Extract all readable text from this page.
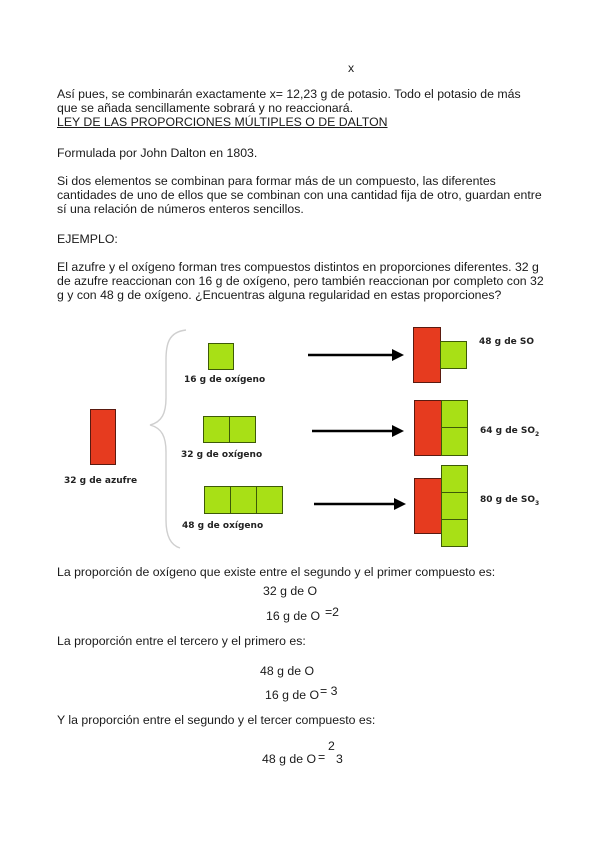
x
Así pues, se combinarán exactamente x= 12,23 g de potasio. Todo el potasio de más
que se añada sencillamente sobrará y no reaccionará.
LEY DE LAS PROPORCIONES MÚLTIPLES O DE DALTON
Formulada por John Dalton en 1803.
Si dos elementos se combinan para formar más de un compuesto, las diferentes
cantidades de uno de ellos que se combinan con una cantidad fija de otro, guardan entre
sí una relación de números enteros sencillos.
EJEMPLO:
El azufre y el oxígeno forman tres compuestos distintos en proporciones diferentes. 32 g
de azufre reaccionan con 16 g de oxígeno, pero también reaccionan por completo con 32
g y con 48 g de oxígeno. ¿Encuentras alguna regularidad en estas proporciones?
32 g de azufre
16 g de oxígeno
32 g de oxígeno
48 g de oxígeno
48 g de SO
64 g de $SO_2$
80 g de $SO_3$
La proporción de oxígeno que existe entre el segundo y el primer compuesto es:
32 g de O
16 g de O =2
La proporción entre el tercero y el primero es:
48 g de O
16 g de O = 3
Y la proporción entre el segundo y el tercer compuesto es:
48 g de O =
2
3
